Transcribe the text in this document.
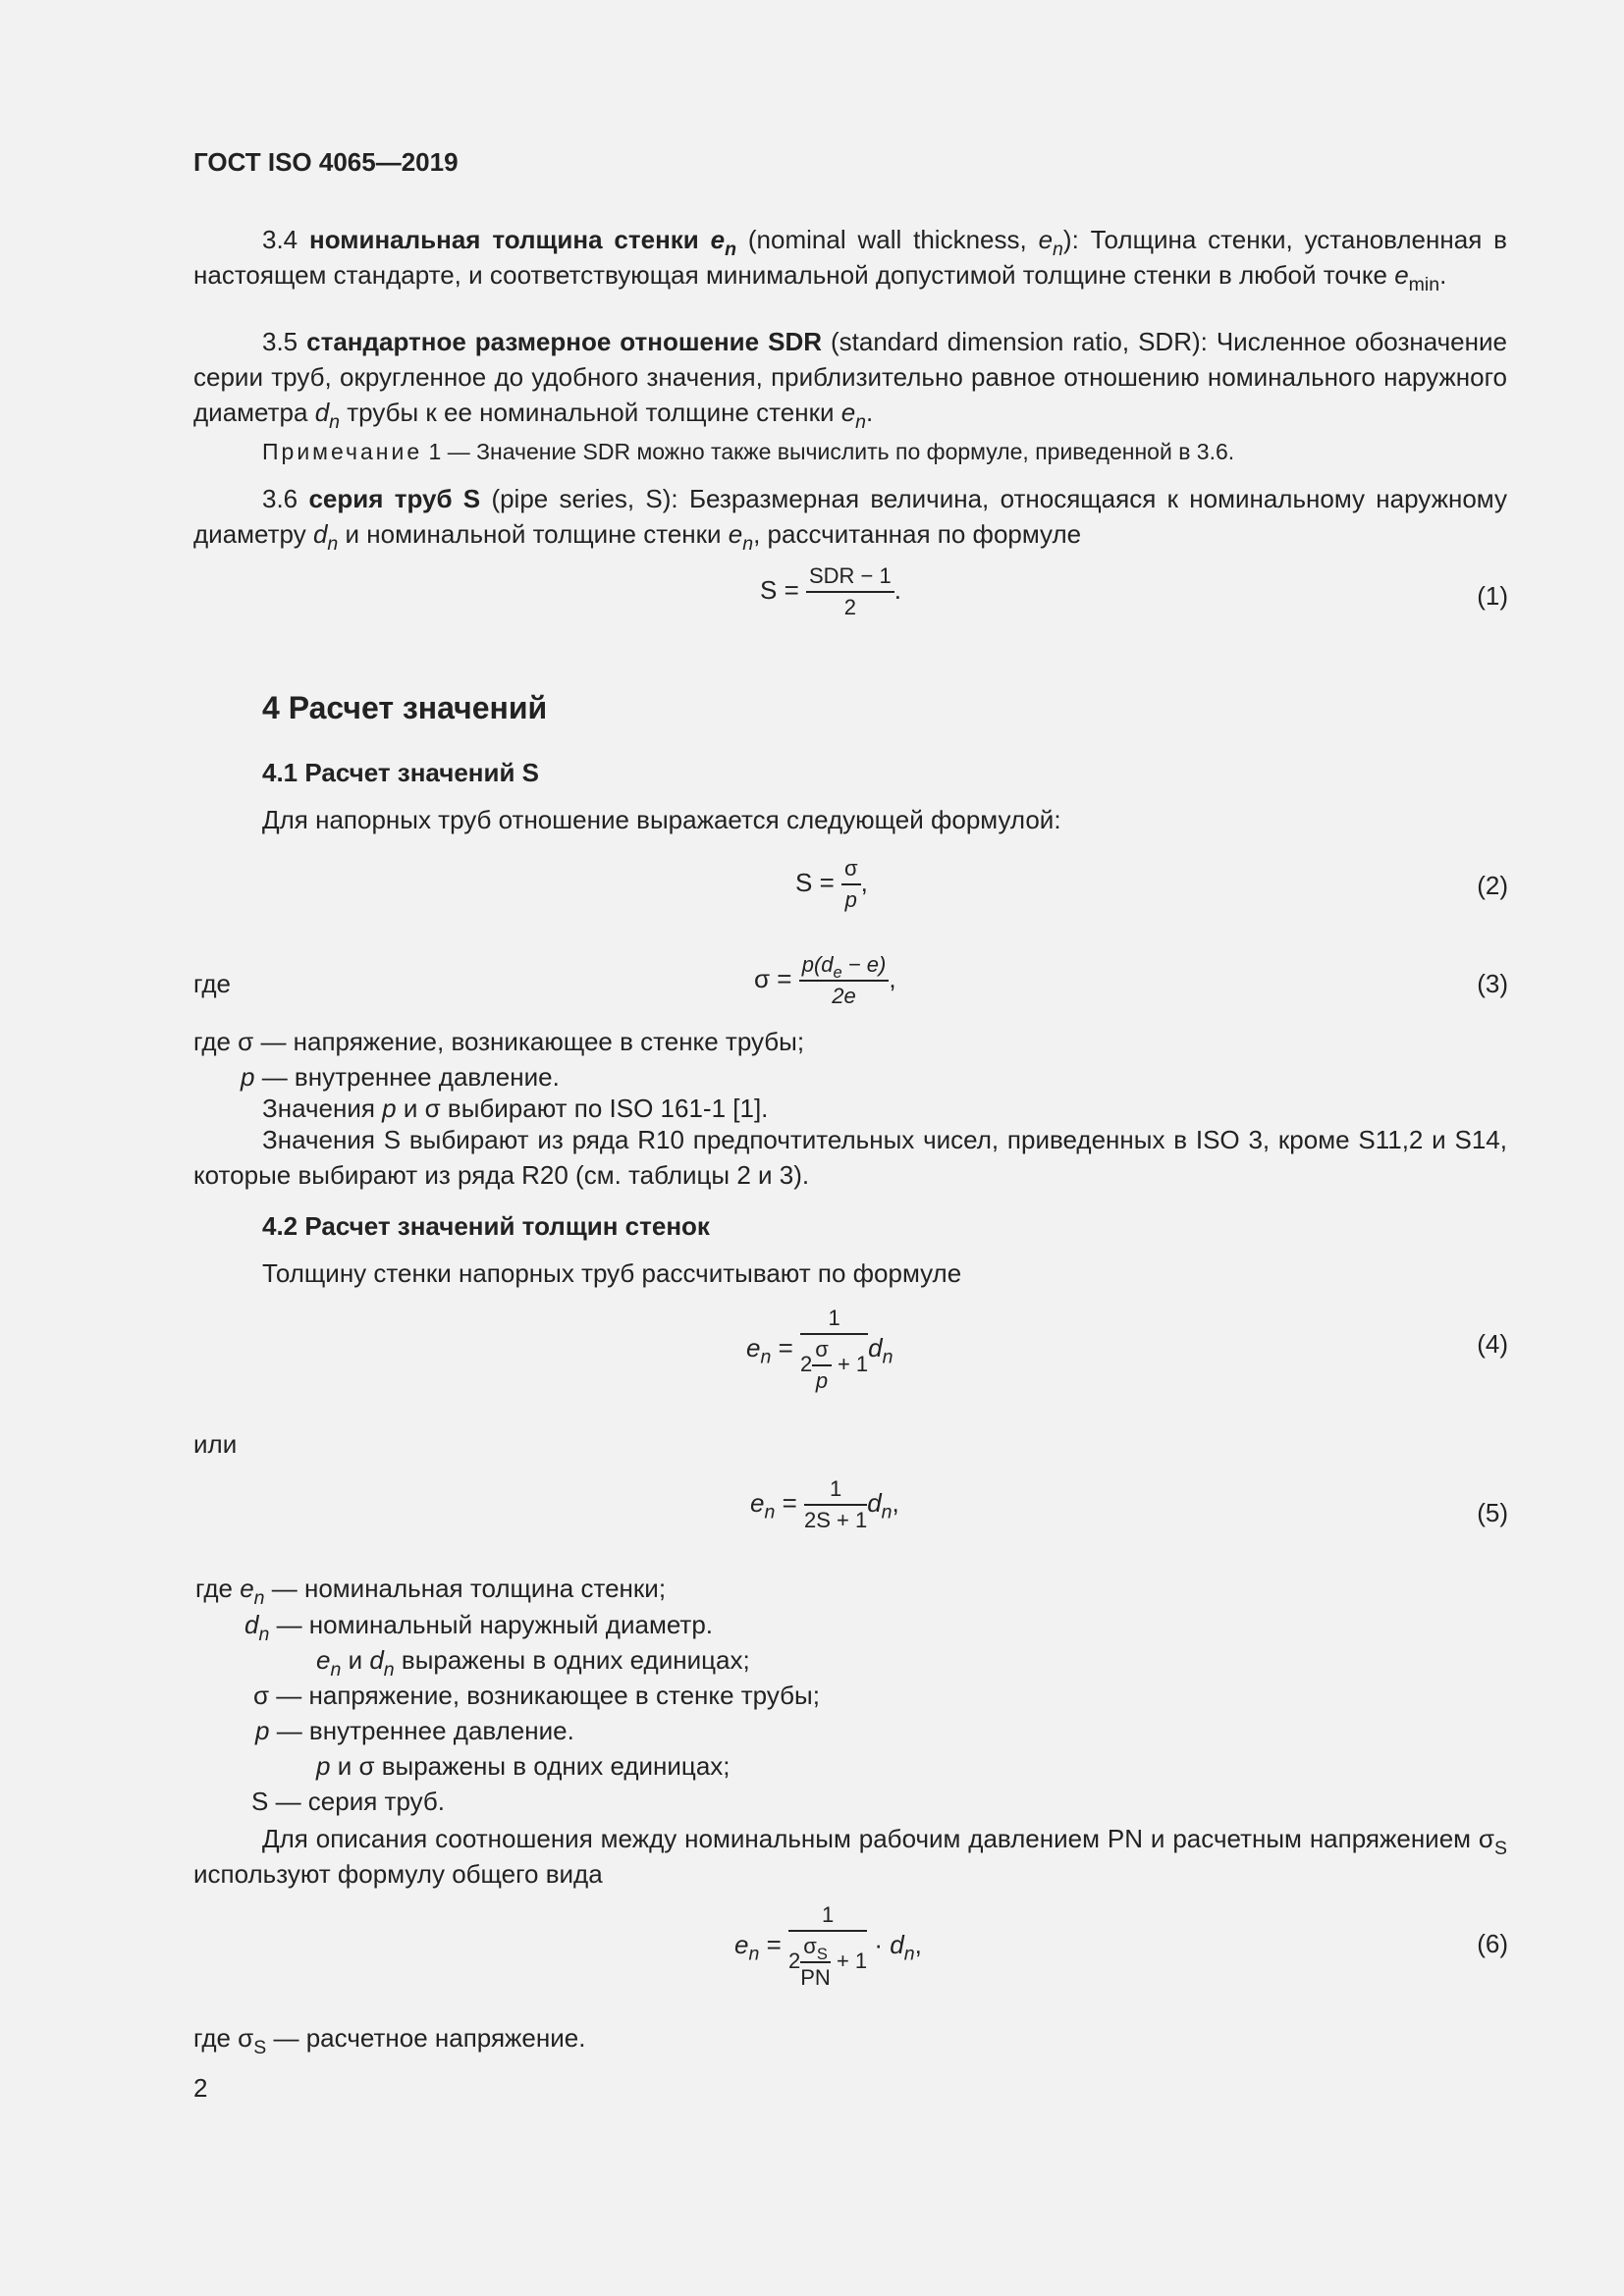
ГОСТ ISO 4065—2019
3.4 номинальная толщина стенки $e_n$ (nominal wall thickness, $e_n$): Толщина стенки, установленная в настоящем стандарте, и соответствующая минимальной допустимой толщине стенки в любой точке $e_{min}$.
3.5 стандартное размерное отношение SDR (standard dimension ratio, SDR): Численное обозначение серии труб, округленное до удобного значения, приблизительно равное отношению номинального наружного диаметра $d_n$ трубы к ее номинальной толщине стенки $e_n$.
Примечание 1 — Значение SDR можно также вычислить по формуле, приведенной в 3.6.
3.6 серия труб S (pipe series, S): Безразмерная величина, относящаяся к номинальному наружному диаметру $d_n$ и номинальной толщине стенки $e_n$, рассчитанная по формуле
$S = \frac{\text{SDR − 1}}{2}$ .	(1)
4 Расчет значений
4.1 Расчет значений S
Для напорных труб отношение выражается следующей формулой:
$S = \frac{\sigma}{p}$ ,	(2)
где	$\sigma = \frac{p(d_e - e)}{2e}$ ,	(3)
где σ — напряжение, возникающее в стенке трубы;
p — внутреннее давление.
Значения p и σ выбирают по ISO 161-1 [1].
Значения S выбирают из ряда R10 предпочтительных чисел, приведенных в ISO 3, кроме S11,2 и S14, которые выбирают из ряда R20 (см. таблицы 2 и 3).
4.2 Расчет значений толщин стенок
Толщину стенки напорных труб рассчитывают по формуле
$e_n = \frac{1}{2 \frac{\sigma}{p} + 1} d_n$	(4)
или
$e_n = \frac{1}{2S + 1} d_n$,	(5)
где $e_n$ — номинальная толщина стенки;
$d_n$ — номинальный наружный диаметр.
$e_n$ и $d_n$ выражены в одних единицах;
σ — напряжение, возникающее в стенке трубы;
p — внутреннее давление.
p и σ выражены в одних единицах;
S — серия труб.
Для описания соотношения между номинальным рабочим давлением PN и расчетным напряжением $\sigma_S$ используют формулу общего вида
$e_n = \frac{1}{2 \frac{\sigma_S}{PN} + 1} \cdot d_n$,	(6)
где $\sigma_S$ — расчетное напряжение.
2
